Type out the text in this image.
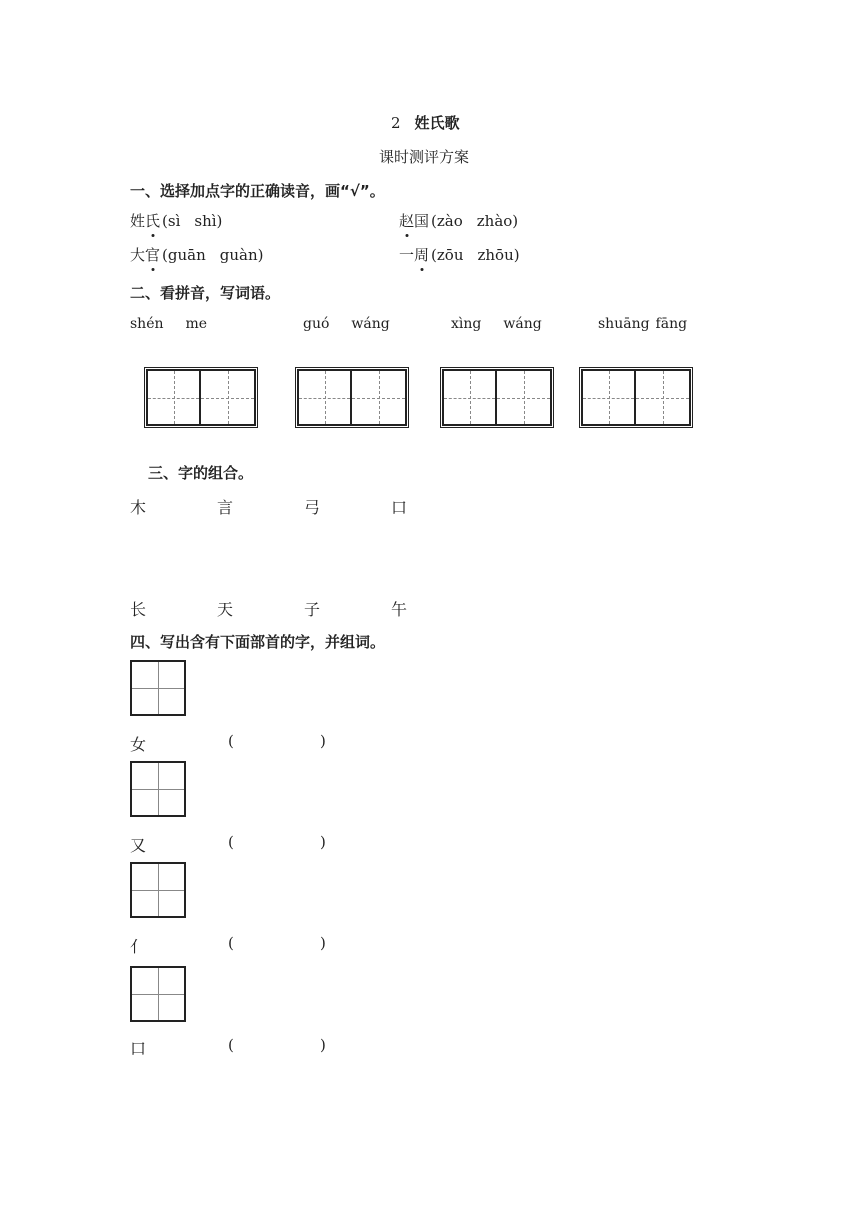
2 姓氏歌
课时测评方案
一、选择加点字的正确读音，画“√”。
姓氏 (sì shì)	赵国 (zào zhào)
大官 (guān guàn)	一周 (zōu zhōu)
二、看拼音，写词语。
shén me	guó wáng	xìng wáng	shuāng fāng
三、字的组合。
木	言	弓	口
长	天	子	午
四、写出含有下面部首的字，并组词。
女	(	)
又	(	)
亻	(	)
口	(	)
